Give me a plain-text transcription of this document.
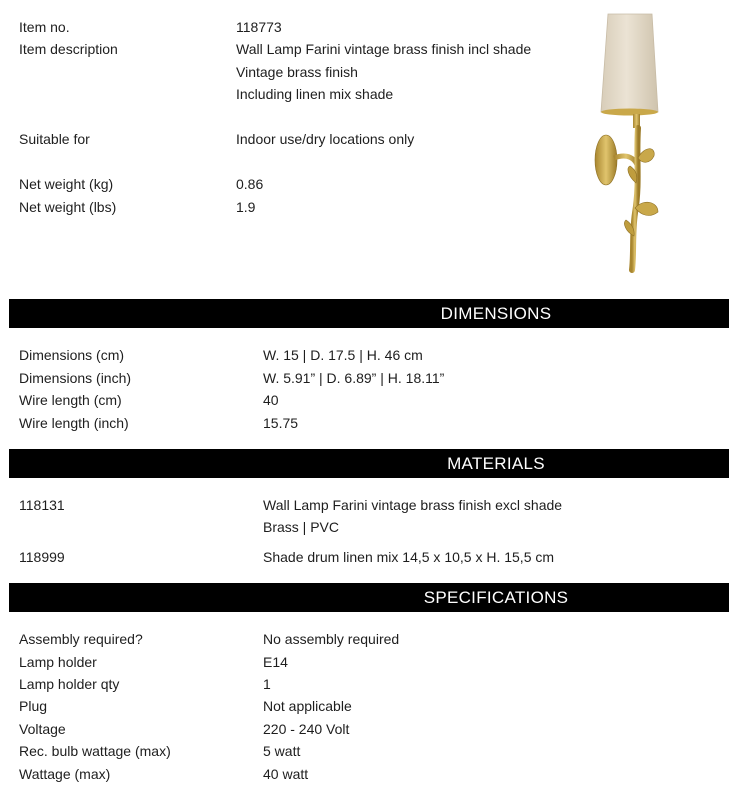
Item no.	118773
Item description	Wall Lamp Farini vintage brass finish incl shade
Vintage brass finish
Including linen mix shade
Suitable for	Indoor use/dry locations only
Net weight (kg)	0.86
Net weight (lbs)	1.9
DIMENSIONS
Dimensions (cm)	W. 15 | D. 17.5 | H. 46 cm
Dimensions (inch)	W. 5.91” | D. 6.89” | H. 18.11”
Wire length (cm)	40
Wire length (inch)	15.75
MATERIALS
118131	Wall Lamp Farini vintage brass finish excl shade
Brass | PVC
118999	Shade drum linen mix 14,5 x 10,5 x H. 15,5 cm
SPECIFICATIONS
Assembly required?	No assembly required
Lamp holder	E14
Lamp holder qty	1
Plug	Not applicable
Voltage	220 - 240 Volt
Rec. bulb wattage (max)	5 watt
Wattage (max)	40 watt
